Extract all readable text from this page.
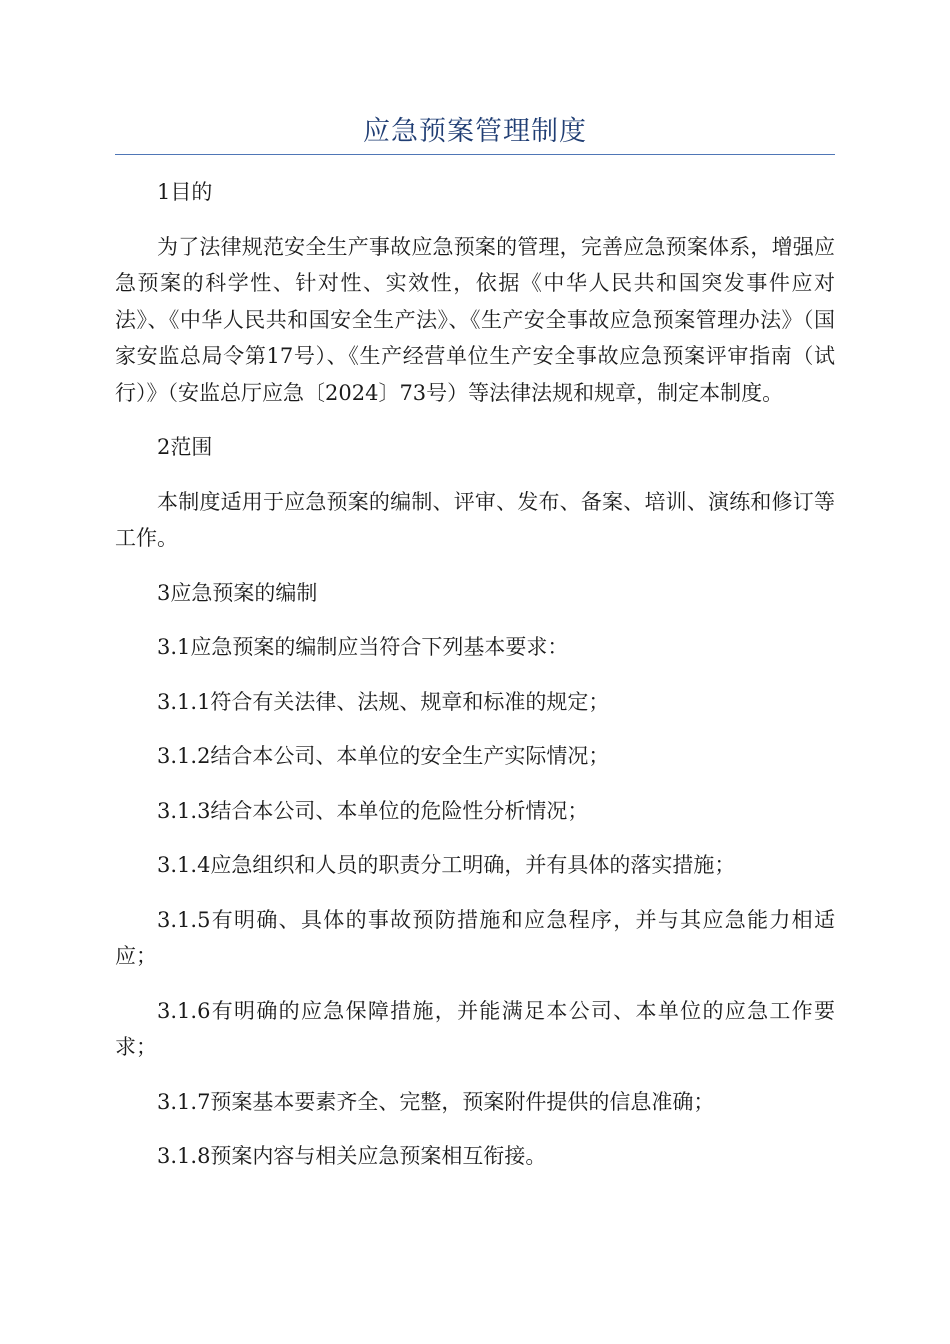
应急预案管理制度

1目的

为了法律规范安全生产事故应急预案的管理，完善应急预案体系，增强应急预案的科学性、针对性、实效性，依据《中华人民共和国突发事件应对法》、《中华人民共和国安全生产法》、《生产安全事故应急预案管理办法》（国家安监总局令第17号）、《生产经营单位生产安全事故应急预案评审指南（试行）》（安监总厅应急〔2024〕73号）等法律法规和规章，制定本制度。

2范围

本制度适用于应急预案的编制、评审、发布、备案、培训、演练和修订等工作。

3应急预案的编制

3.1应急预案的编制应当符合下列基本要求：

3.1.1符合有关法律、法规、规章和标准的规定；

3.1.2结合本公司、本单位的安全生产实际情况；

3.1.3结合本公司、本单位的危险性分析情况；

3.1.4应急组织和人员的职责分工明确，并有具体的落实措施；

3.1.5有明确、具体的事故预防措施和应急程序，并与其应急能力相适应；

3.1.6有明确的应急保障措施，并能满足本公司、本单位的应急工作要求；

3.1.7预案基本要素齐全、完整，预案附件提供的信息准确；

3.1.8预案内容与相关应急预案相互衔接。
